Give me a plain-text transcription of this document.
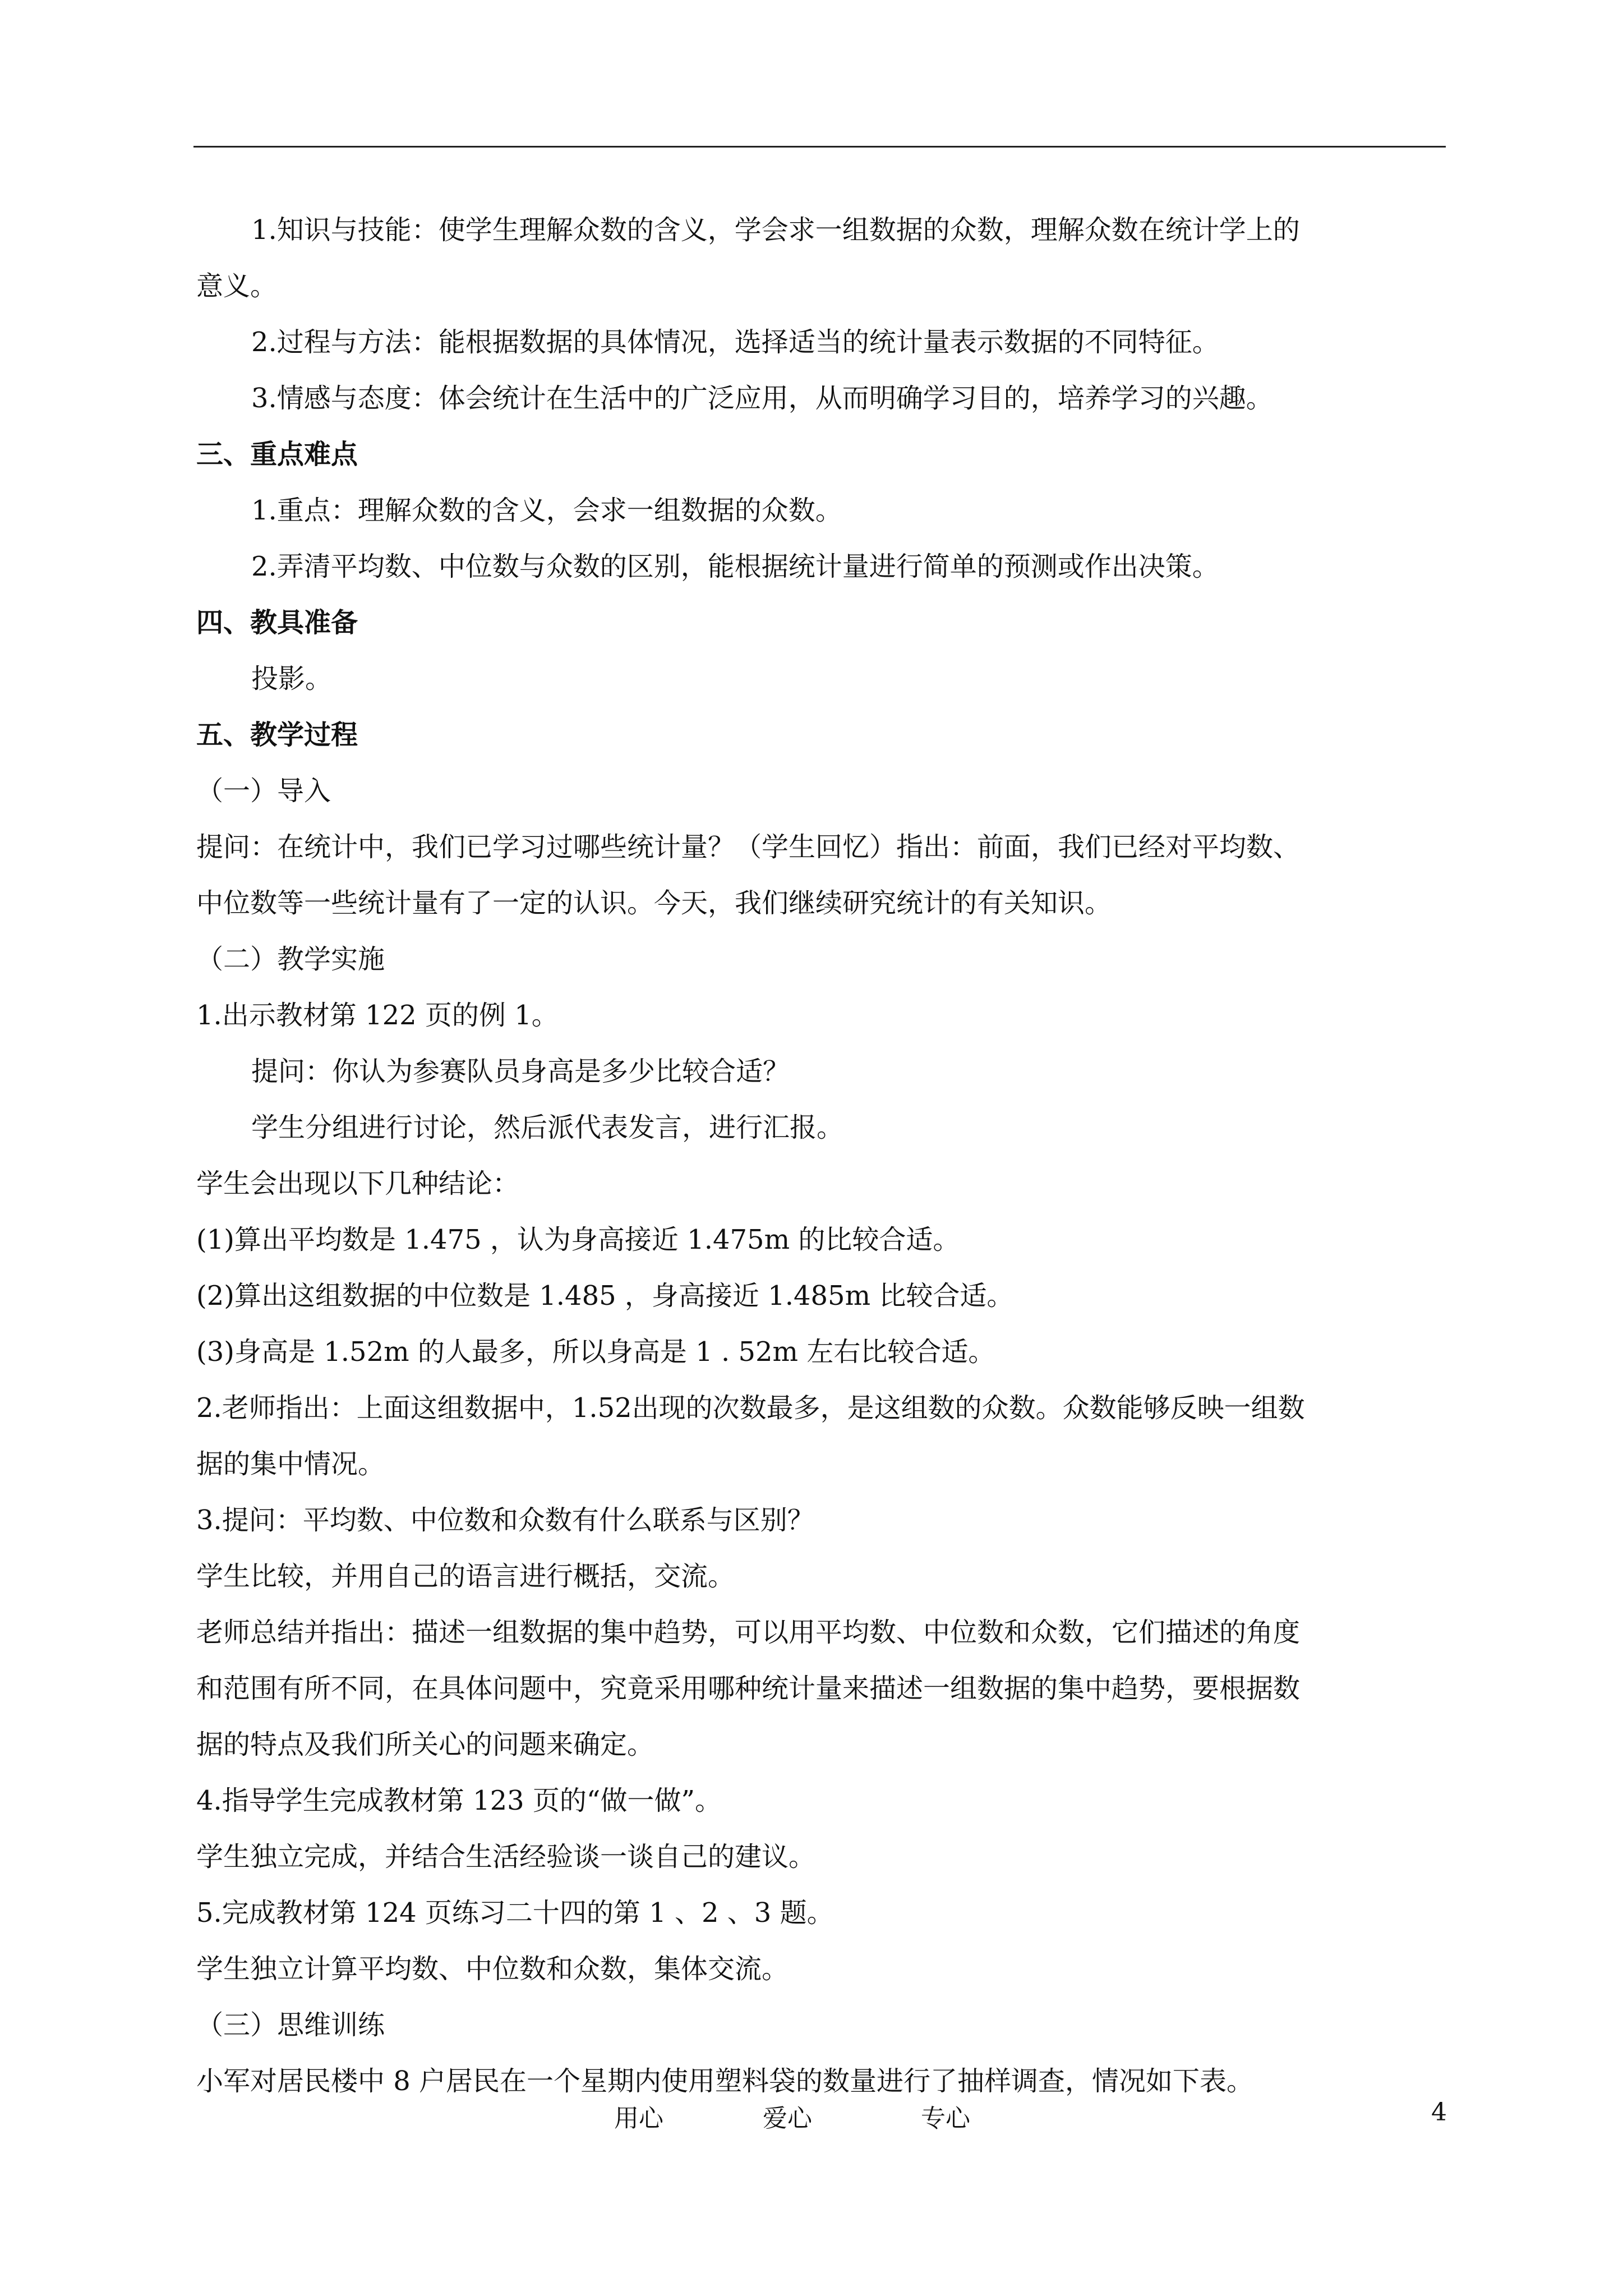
1.知识与技能：使学生理解众数的含义，学会求一组数据的众数，理解众数在统计学上的
意义。
2.过程与方法：能根据数据的具体情况，选择适当的统计量表示数据的不同特征。
3.情感与态度：体会统计在生活中的广泛应用，从而明确学习目的，培养学习的兴趣。
三、重点难点
1.重点：理解众数的含义，会求一组数据的众数。
2.弄清平均数、中位数与众数的区别，能根据统计量进行简单的预测或作出决策。
四、教具准备
投影。
五、教学过程
（一）导入
提问：在统计中，我们已学习过哪些统计量？（学生回忆）指出：前面，我们已经对平均数、
中位数等一些统计量有了一定的认识。今天，我们继续研究统计的有关知识。
（二）教学实施
1.出示教材第 122 页的例 1。
提问：你认为参赛队员身高是多少比较合适？
学生分组进行讨论，然后派代表发言，进行汇报。
学生会出现以下几种结论：
(1)算出平均数是 1.475 ，认为身高接近 1.475m 的比较合适。
(2)算出这组数据的中位数是 1.485 ，身高接近 1.485m 比较合适。
(3)身高是 1.52m 的人最多，所以身高是 1 . 52m 左右比较合适。
2.老师指出：上面这组数据中，1.52出现的次数最多，是这组数的众数。众数能够反映一组数
据的集中情况。
3.提问：平均数、中位数和众数有什么联系与区别？
学生比较，并用自己的语言进行概括，交流。
老师总结并指出：描述一组数据的集中趋势，可以用平均数、中位数和众数，它们描述的角度
和范围有所不同，在具体问题中，究竟采用哪种统计量来描述一组数据的集中趋势，要根据数
据的特点及我们所关心的问题来确定。
4.指导学生完成教材第 123 页的“做一做”。
学生独立完成，并结合生活经验谈一谈自己的建议。
5.完成教材第 124 页练习二十四的第 1 、2 、3 题。
学生独立计算平均数、中位数和众数，集体交流。
（三）思维训练
小军对居民楼中 8 户居民在一个星期内使用塑料袋的数量进行了抽样调查，情况如下表。
用心	爱心	专心	4
